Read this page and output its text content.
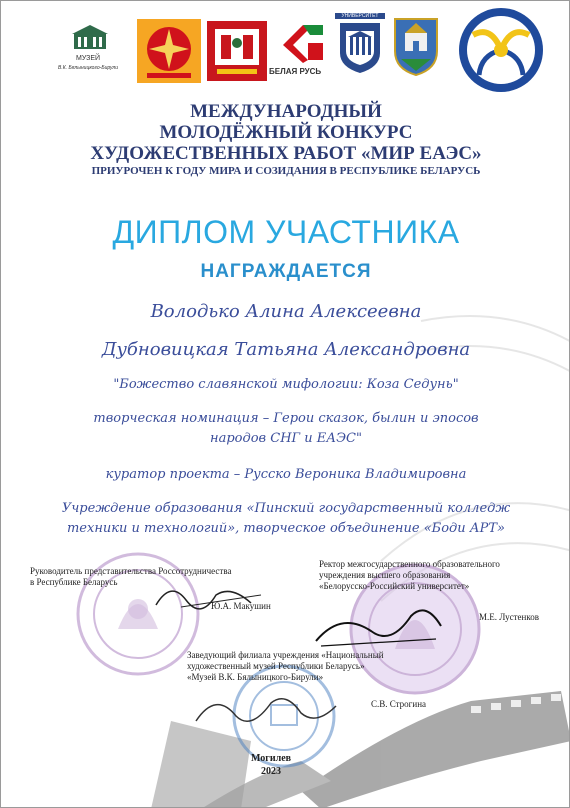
МУЗЕЙ
В.К. Бялыницкого-Бирули	БЕЛАЯ РУСЬ
УНИВЕРСИТЕТ
МЕЖДУНАРОДНЫЙ
МОЛОДЁЖНЫЙ КОНКУРС
ХУДОЖЕСТВЕННЫХ РАБОТ «МИР ЕАЭС»
ПРИУРОЧЕН К ГОДУ МИРА И СОЗИДАНИЯ В РЕСПУБЛИКЕ БЕЛАРУСЬ
ДИПЛОМ УЧАСТНИКА
НАГРАЖДАЕТСЯ
Володько Алина Алексеевна
Дубновицкая Татьяна Александровна
"Божество славянской мифологии: Коза Седунь"
творческая номинация – Герои сказок, былин и эпосов
народов СНГ и ЕАЭС"
куратор проекта – Русско Вероника Владимировна
Учреждение образования «Пинский государственный колледж
техники и технологий», творческое объединение «Боди АРТ»
Руководитель представительства Россотрудничества
в Республике Беларусь
Ю.А. Макушин
Ректор межгосударственного образовательного
учреждения высшего образования
«Белорусско-Российский университет»
М.Е. Лустенков
Заведующий филиала учреждения «Национальный
художественный музей Республики Беларусь»
«Музей В.К. Бялыницкого-Бирули»
С.В. Строгина
Могилев
2023
